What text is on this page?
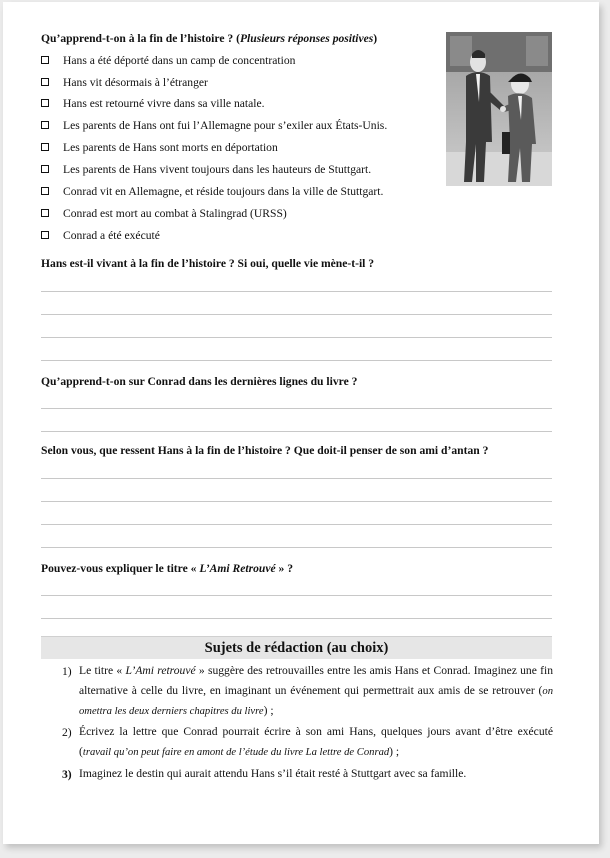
Qu’apprend-t-on à la fin de l’histoire ? (Plusieurs réponses positives)
Hans a été déporté dans un camp de concentration
Hans vit désormais à l’étranger
Hans est retourné vivre dans sa ville natale.
Les parents de Hans ont fui l’Allemagne pour s’exiler aux États-Unis.
Les parents de Hans sont morts en déportation
Les parents de Hans vivent toujours dans les hauteurs de Stuttgart.
Conrad vit en Allemagne, et réside toujours dans la ville de Stuttgart.
Conrad est mort au combat à Stalingrad (URSS)
Conrad a été exécuté
Hans est-il vivant à la fin de l’histoire ? Si oui, quelle vie mène-t-il ?
Qu’apprend-t-on sur Conrad dans les dernières lignes du livre ?
Selon vous, que ressent Hans à la fin de l’histoire ? Que doit-il penser de son ami d’antan ?
Pouvez-vous expliquer le titre « L’Ami Retrouvé » ?
Sujets de rédaction (au choix)
1) Le titre « L’Ami retrouvé » suggère des retrouvailles entre les amis Hans et Conrad. Imaginez une fin alternative à celle du livre, en imaginant un événement qui permettrait aux amis de se retrouver (on omettra les deux derniers chapitres du livre) ;
2) Écrivez la lettre que Conrad pourrait écrire à son ami Hans, quelques jours avant d’être exécuté (travail qu’on peut faire en amont de l’étude du livre La lettre de Conrad) ;
3) Imaginez le destin qui aurait attendu Hans s’il était resté à Stuttgart avec sa famille.
